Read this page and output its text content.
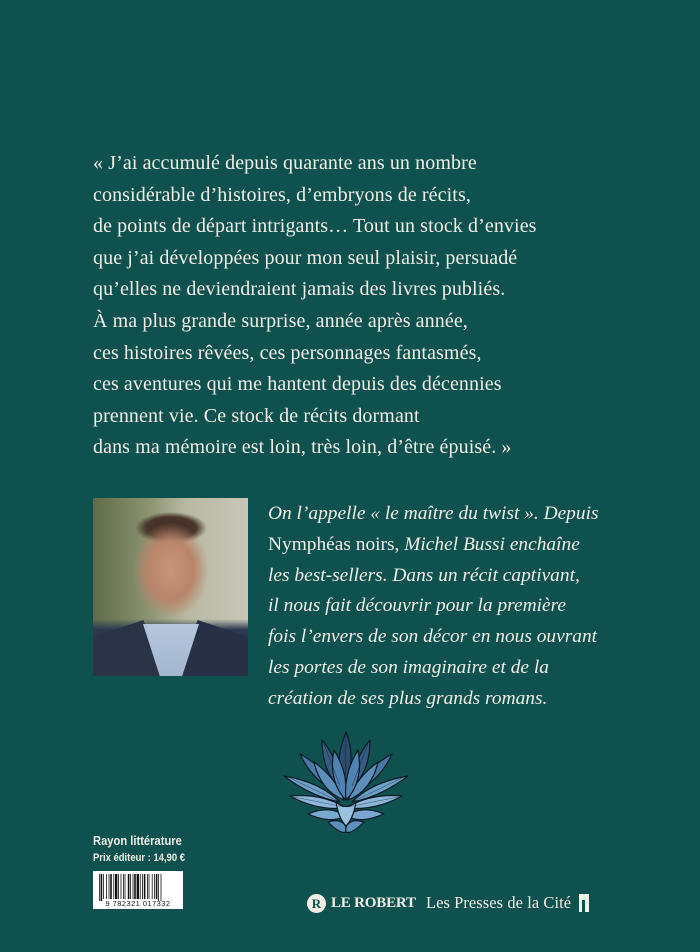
« J’ai accumulé depuis quarante ans un nombre
considérable d’histoires, d’embryons de récits,
de points de départ intrigants… Tout un stock d’envies
que j’ai développées pour mon seul plaisir, persuadé
qu’elles ne deviendraient jamais des livres publiés.
À ma plus grande surprise, année après année,
ces histoires rêvées, ces personnages fantasmés,
ces aventures qui me hantent depuis des décennies
prennent vie. Ce stock de récits dormant
dans ma mémoire est loin, très loin, d’être épuisé. »
On l’appelle « le maître du twist ». Depuis
Nymphéas noirs, Michel Bussi enchaîne
les best-sellers. Dans un récit captivant,
il nous fait découvrir pour la première
fois l’envers de son décor en nous ouvrant
les portes de son imaginaire et de la
création de ses plus grands romans.
Rayon littérature
Prix éditeur : 14,90 €
9 782321 017332	R LE ROBERT Les Presses de la Cité
